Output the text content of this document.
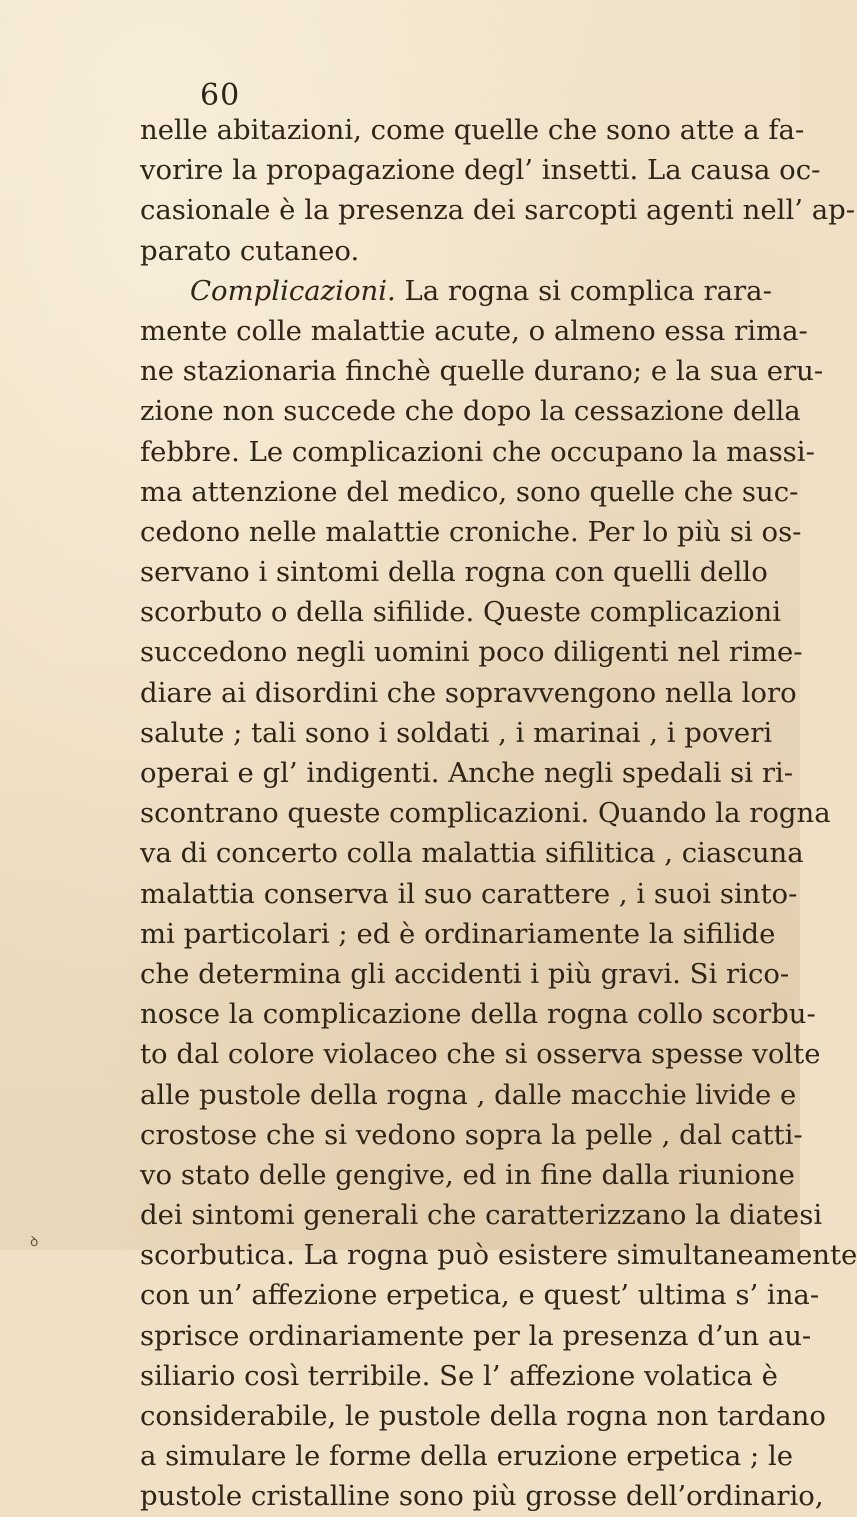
60
nelle abitazioni, come quelle che sono atte a fa-
vorire la propagazione degl’ insetti. La causa oc-
casionale è la presenza dei sarcopti agenti nell’ ap-
parato cutaneo.
Complicazioni. La rogna si complica rara-
mente colle malattie acute, o almeno essa rima-
ne stazionaria finchè quelle durano; e la sua eru-
zione non succede che dopo la cessazione della
febbre. Le complicazioni che occupano la massi-
ma attenzione del medico, sono quelle che suc-
cedono nelle malattie croniche. Per lo più si os-
servano i sintomi della rogna con quelli dello
scorbuto o della sifilide. Queste complicazioni
succedono negli uomini poco diligenti nel rime-
diare ai disordini che sopravvengono nella loro
salute ; tali sono i soldati , i marinai , i poveri
operai e gl’ indigenti. Anche negli spedali si ri-
scontrano queste complicazioni. Quando la rogna
va di concerto colla malattia sifilitica , ciascuna
malattia conserva il suo carattere , i suoi sinto-
mi particolari ; ed è ordinariamente la sifilide
che determina gli accidenti i più gravi. Si rico-
nosce la complicazione della rogna collo scorbu-
to dal colore violaceo che si osserva spesse volte
alle pustole della rogna , dalle macchie livide e
crostose che si vedono sopra la pelle , dal catti-
vo stato delle gengive, ed in fine dalla riunione
dei sintomi generali che caratterizzano la diatesi
scorbutica. La rogna può esistere simultaneamente
con un’ affezione erpetica, e quest’ ultima s’ ina-
sprisce ordinariamente per la presenza d’un au-
siliario così terribile. Se l’ affezione volatica è
considerabile, le pustole della rogna non tardano
a simulare le forme della eruzione erpetica ; le
pustole cristalline sono più grosse dell’ordinario,
ꝺ
